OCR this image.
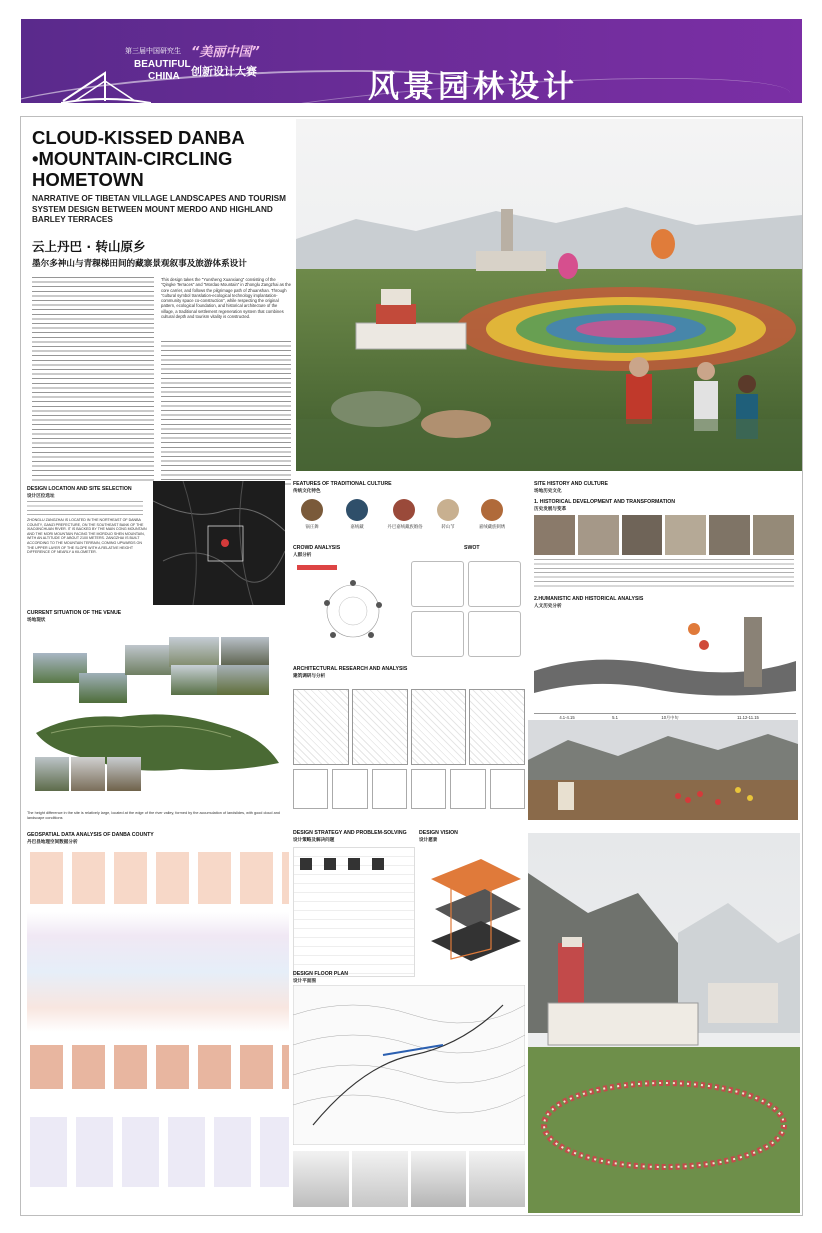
第三届中国研究生 “美丽中国”
BEAUTIFUL
CHINA 创新设计大赛	风景园林设计
CLOUD-KISSED DANBA •MOUNTAIN-CIRCLING HOMETOWN
NARRATIVE OF TIBETAN VILLAGE LANDSCAPES AND TOURISM SYSTEM DESIGN BETWEEN MOUNT MERDO AND HIGHLAND BARLEY TERRACES
云上丹巴 · 转山原乡
墨尔多神山与青稞梯田间的藏寨景观叙事及旅游体系设计
This design takes the "Yunsheng Xuanxiang" consisting of the "Qingke Terraces" and "Mordao Mountain" in Zhonglu Zangzhai as the core carrier, and follows the pilgrimage path of Zhuanshan. Through "cultural symbol translation-ecological technology implantation-community space co-construction", while respecting the original pattern, ecological foundation, and historical architecture of the village, a traditional settlement regeneration system that combines cultural depth and tourism vitality is constructed.
DESIGN LOCATION AND SITE SELECTION
设计区位选址
ZHONGLU ZANGZHAI IS LOCATED IN THE NORTHEAST OF DANBA COUNTY, GANZI PREFECTURE, ON THE SOUTHEAST BANK OF THE XIAOJINCHUAN RIVER. IT IS BACKED BY THE MAIN CONG MOUNTAIN AND THE MORI MOUNTAIN FACING THE MORDUO SHEN MOUNTAIN, WITH AN ALTITUDE OF ABOUT 2100 METERS. ZANGZHAI IS BUILT ACCORDING TO THE MOUNTAIN TERRAIN, COMING UPWARDS ON THE UPPER LAYER OF THE SLOPE WITH A RELATIVE HEIGHT DIFFERENCE OF NEARLY A KILOMETER.
CURRENT SITUATION OF THE VENUE
场地现状
The height difference in the site is relatively large, located at the edge of the river valley, formed by the accumulation of landslides, with good cloud and landscape conditions
GEOSPATIAL DATA ANALYSIS OF DANBA COUNTY
丹巴县地理空间数据分析
FEATURES OF TRADITIONAL CULTURE
传统文化特色
锅庄舞	嘉绒藏	丹巴嘉绒藏族婚俗	转山节	嘉绒藏族刺绣
CROWD ANALYSIS
人群分析
SWOT
ARCHITECTURAL RESEARCH AND ANALYSIS
建筑调研与分析
DESIGN STRATEGY AND PROBLEM-SOLVING
设计策略及解决问题
DESIGN VISION
设计愿景
DESIGN FLOOR PLAN
设计平面图
SITE HISTORY AND CULTURE
场地历史文化
1. HISTORICAL DEVELOPMENT AND TRANSFORMATION
历史发展与变革
2.HUMANISTIC AND HISTORICAL ANALYSIS
人文历史分析
4.1-4.15	5.1	10月中旬	11.12-11.15
